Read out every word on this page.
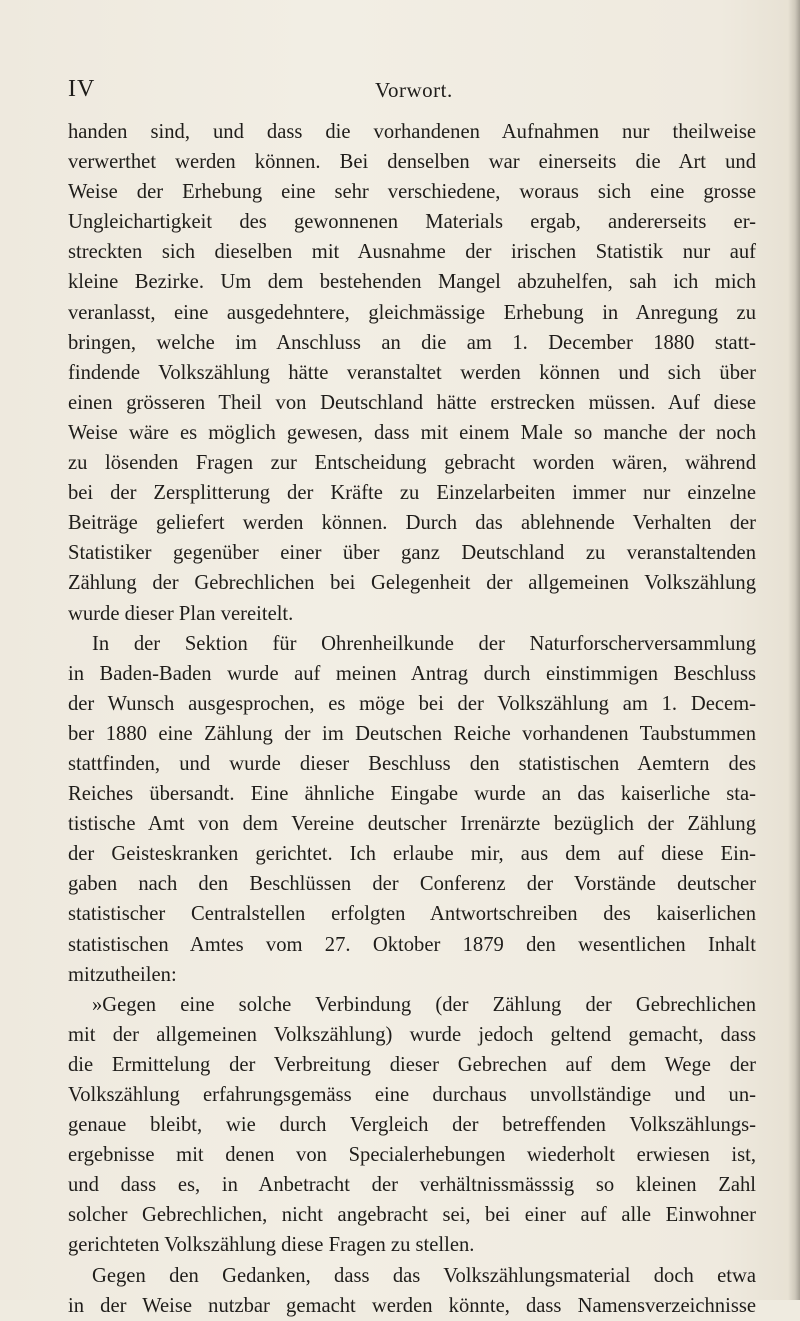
IV	Vorwort.
handen sind, und dass die vorhandenen Aufnahmen nur theilweise
verwerthet werden können. Bei denselben war einerseits die Art und
Weise der Erhebung eine sehr verschiedene, woraus sich eine grosse
Ungleichartigkeit des gewonnenen Materials ergab, andererseits er-
streckten sich dieselben mit Ausnahme der irischen Statistik nur auf
kleine Bezirke. Um dem bestehenden Mangel abzuhelfen, sah ich mich
veranlasst, eine ausgedehntere, gleichmässige Erhebung in Anregung zu
bringen, welche im Anschluss an die am 1. December 1880 statt-
findende Volkszählung hätte veranstaltet werden können und sich über
einen grösseren Theil von Deutschland hätte erstrecken müssen. Auf diese
Weise wäre es möglich gewesen, dass mit einem Male so manche der noch
zu lösenden Fragen zur Entscheidung gebracht worden wären, während
bei der Zersplitterung der Kräfte zu Einzelarbeiten immer nur einzelne
Beiträge geliefert werden können. Durch das ablehnende Verhalten der
Statistiker gegenüber einer über ganz Deutschland zu veranstaltenden
Zählung der Gebrechlichen bei Gelegenheit der allgemeinen Volkszählung
wurde dieser Plan vereitelt.
In der Sektion für Ohrenheilkunde der Naturforscherversammlung
in Baden-Baden wurde auf meinen Antrag durch einstimmigen Beschluss
der Wunsch ausgesprochen, es möge bei der Volkszählung am 1. Decem-
ber 1880 eine Zählung der im Deutschen Reiche vorhandenen Taubstummen
stattfinden, und wurde dieser Beschluss den statistischen Aemtern des
Reiches übersandt. Eine ähnliche Eingabe wurde an das kaiserliche sta-
tistische Amt von dem Vereine deutscher Irrenärzte bezüglich der Zählung
der Geisteskranken gerichtet. Ich erlaube mir, aus dem auf diese Ein-
gaben nach den Beschlüssen der Conferenz der Vorstände deutscher
statistischer Centralstellen erfolgten Antwortschreiben des kaiserlichen
statistischen Amtes vom 27. Oktober 1879 den wesentlichen Inhalt
mitzutheilen:
»Gegen eine solche Verbindung (der Zählung der Gebrechlichen
mit der allgemeinen Volkszählung) wurde jedoch geltend gemacht, dass
die Ermittelung der Verbreitung dieser Gebrechen auf dem Wege der
Volkszählung erfahrungsgemäss eine durchaus unvollständige und un-
genaue bleibt, wie durch Vergleich der betreffenden Volkszählungs-
ergebnisse mit denen von Specialerhebungen wiederholt erwiesen ist,
und dass es, in Anbetracht der verhältnissmässsig so kleinen Zahl
solcher Gebrechlichen, nicht angebracht sei, bei einer auf alle Einwohner
gerichteten Volkszählung diese Fragen zu stellen.
Gegen den Gedanken, dass das Volkszählungsmaterial doch etwa
in der Weise nutzbar gemacht werden könnte, dass Namensverzeichnisse
